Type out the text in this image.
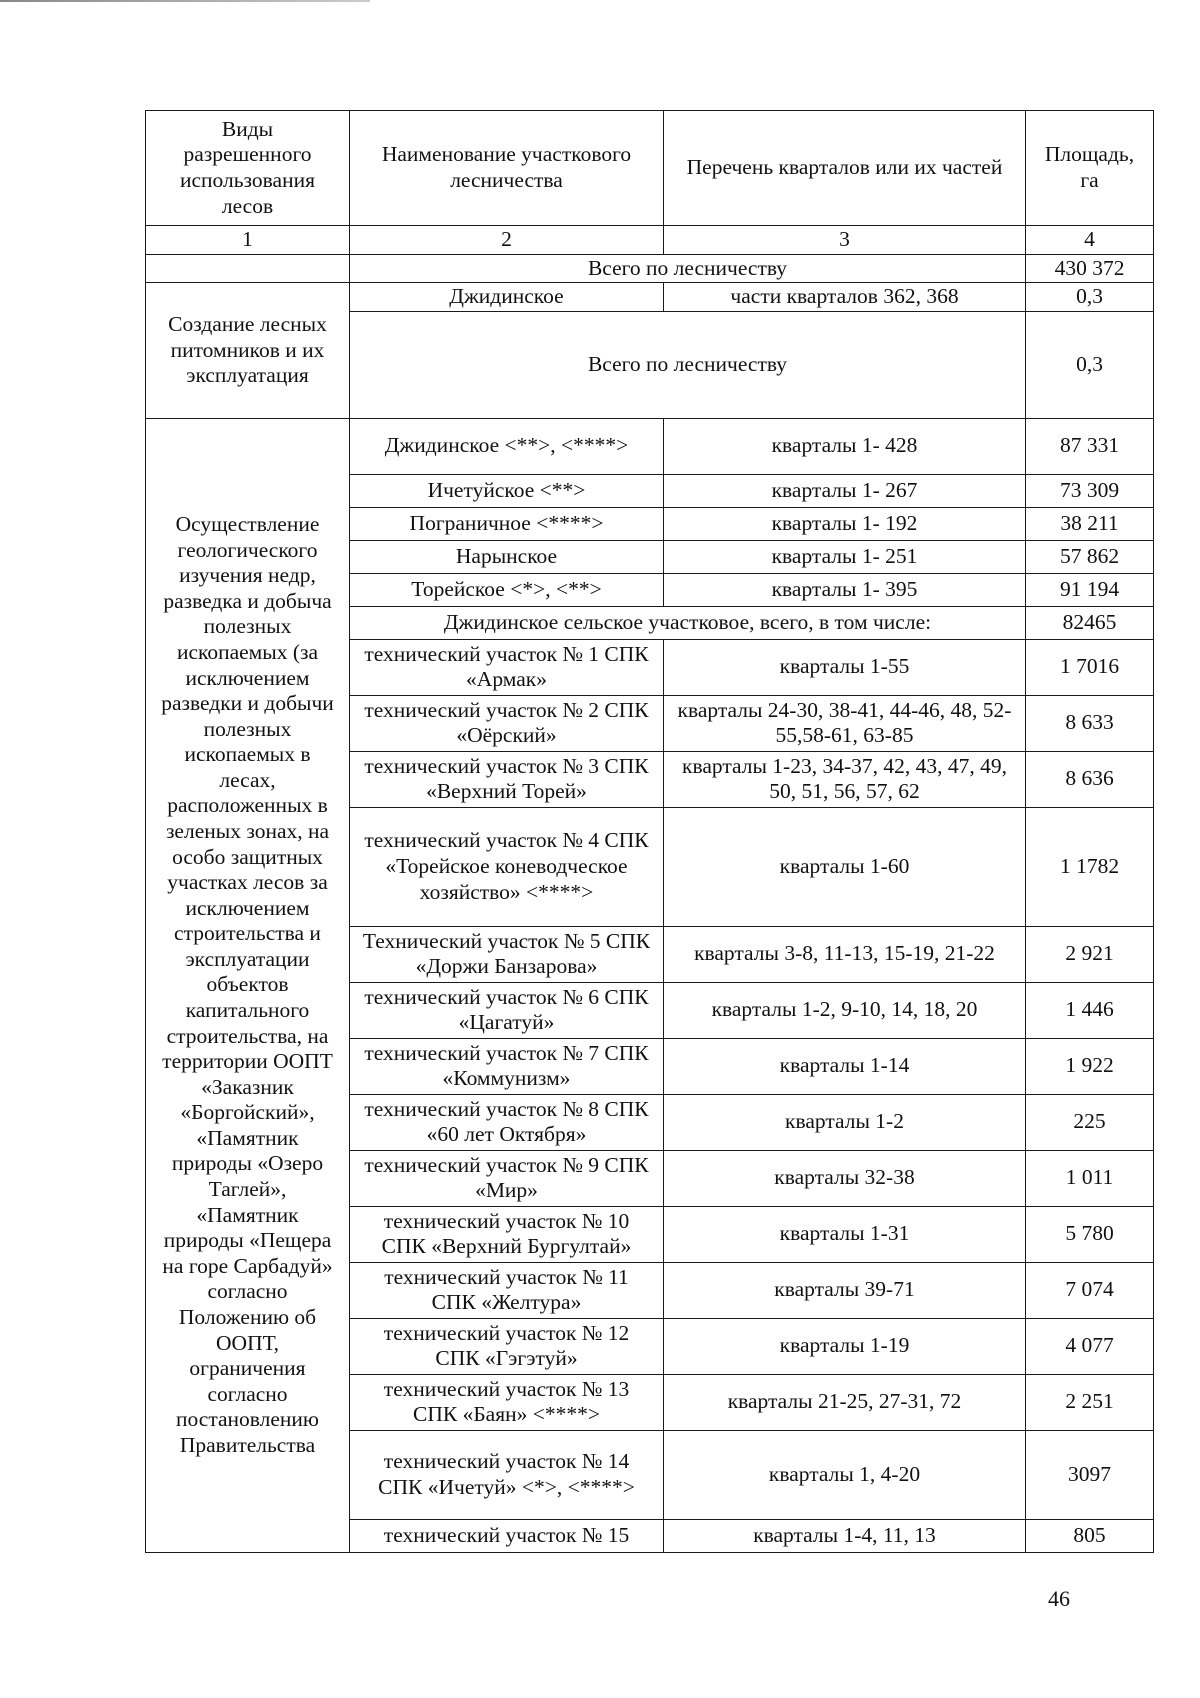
Виды разрешенного использования лесов	Наименование участкового лесничества	Перечень кварталов или их частей	Площадь, га
1	2	3	4
	Всего по лесничеству		430 372
Создание лесных питомников и их эксплуатация	Джидинское	части кварталов 362, 368	0,3
	Всего по лесничеству		0,3
Осуществление геологического изучения недр, разведка и добыча полезных ископаемых (за исключением разведки и добычи полезных ископаемых в лесах, расположенных в зеленых зонах, на особо защитных участках лесов за исключением строительства и эксплуатации объектов капитального строительства, на территории ООПТ «Заказник «Боргойский», «Памятник природы «Озеро Таглей», «Памятник природы «Пещера на горе Сарбадуй» согласно Положению об ООПТ, ограничения согласно постановлению Правительства	Джидинское <**>, <****>	кварталы 1- 428	87 331
	Ичетуйское <**>	кварталы 1- 267	73 309
	Пограничное <****>	кварталы 1- 192	38 211
	Нарынское	кварталы 1- 251	57 862
	Торейское <*>, <**>	кварталы 1- 395	91 194
	Джидинское сельское участковое, всего, в том числе:		82465
	технический участок № 1 СПК «Армак»	кварталы 1-55	1 7016
	технический участок № 2 СПК «Оёрский»	кварталы 24-30, 38-41, 44-46, 48, 52-55,58-61, 63-85	8 633
	технический участок № 3 СПК «Верхний Торей»	кварталы 1-23, 34-37, 42, 43, 47, 49, 50, 51, 56, 57, 62	8 636
	технический участок № 4 СПК «Торейское коневодческое хозяйство» <****>	кварталы 1-60	1 1782
	Технический участок № 5 СПК «Доржи Банзарова»	кварталы 3-8, 11-13, 15-19, 21-22	2 921
	технический участок № 6 СПК «Цагатуй»	кварталы 1-2, 9-10, 14, 18, 20	1 446
	технический участок № 7 СПК «Коммунизм»	кварталы 1-14	1 922
	технический участок № 8 СПК «60 лет Октября»	кварталы 1-2	225
	технический участок № 9 СПК «Мир»	кварталы 32-38	1 011
	технический участок № 10 СПК «Верхний Бургултай»	кварталы 1-31	5 780
	технический участок № 11 СПК «Желтура»	кварталы 39-71	7 074
	технический участок № 12 СПК «Гэгэтуй»	кварталы 1-19	4 077
	технический участок № 13 СПК «Баян» <****>	кварталы 21-25, 27-31, 72	2 251
	технический участок № 14 СПК «Ичетуй» <*>, <****>	кварталы 1, 4-20	3097
	технический участок № 15	кварталы 1-4, 11, 13	805
46
